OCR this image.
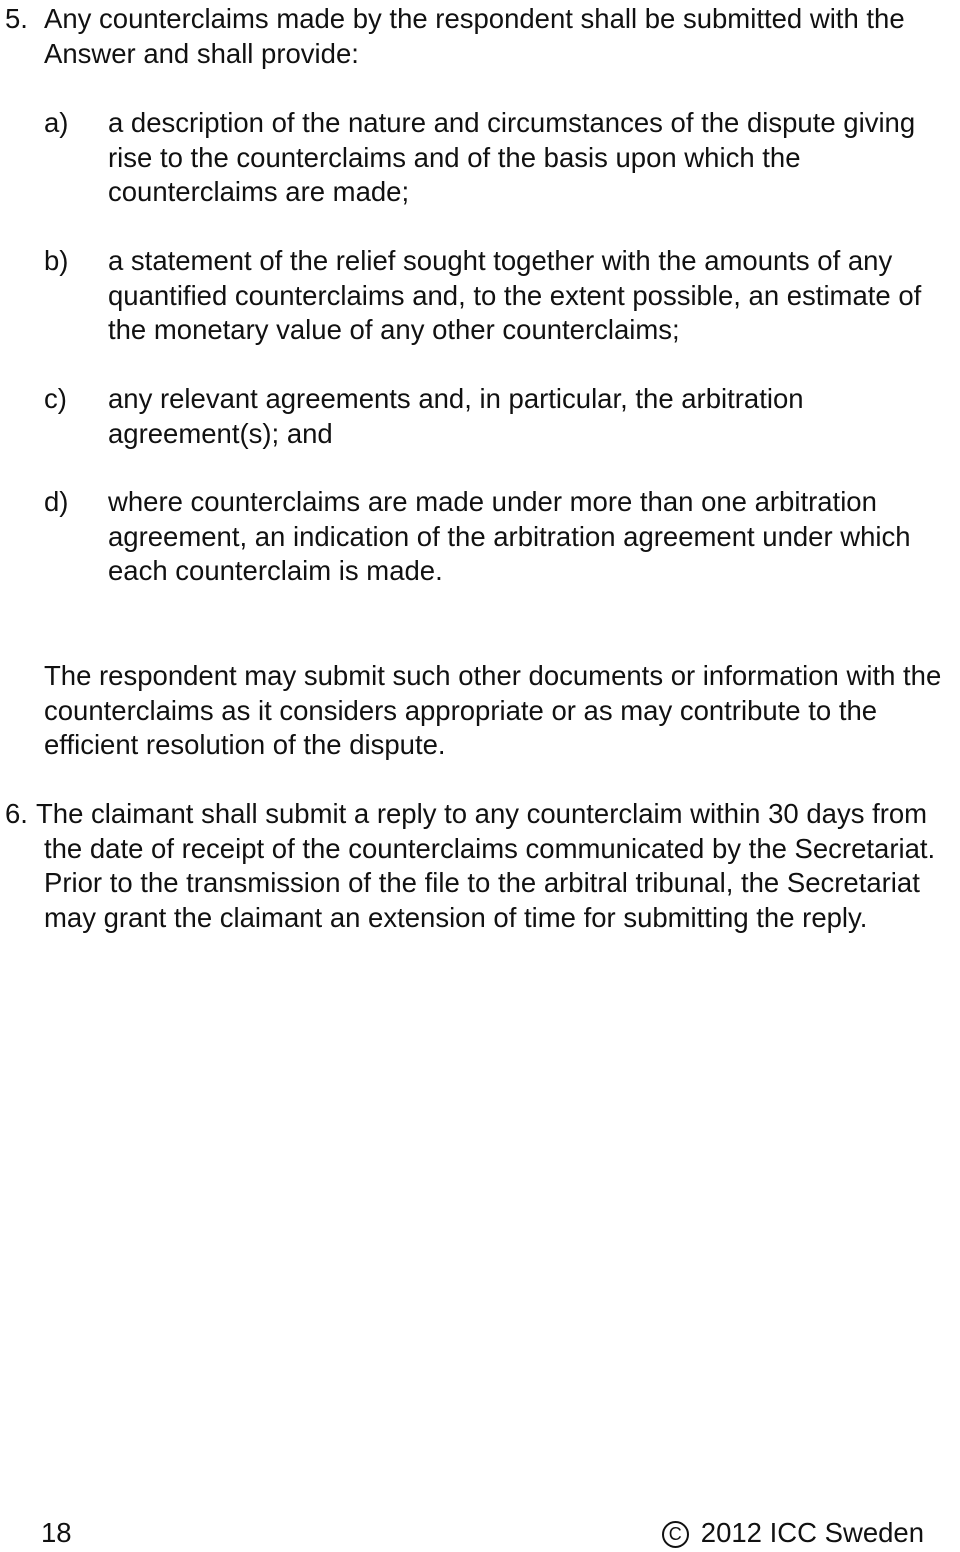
5. Any counterclaims made by the respondent shall be submitted with the Answer and shall provide:

a) a description of the nature and circumstances of the dispute giving rise to the counterclaims and of the basis upon which the counterclaims are made;
b) a statement of the relief sought together with the amounts of any quantified counterclaims and, to the extent possible, an estimate of the monetary value of any other counterclaims;
c) any relevant agreements and, in particular, the arbitration agreement(s); and
d) where counterclaims are made under more than one arbitration agreement, an indication of the arbitration agreement under which each counterclaim is made.

The respondent may submit such other documents or information with the counterclaims as it considers appropriate or as may contribute to the efficient resolution of the dispute.

6. The claimant shall submit a reply to any counterclaim within 30 days from the date of receipt of the counterclaims communicated by the Secretariat. Prior to the transmission of the file to the arbitral tribunal, the Secretariat may grant the claimant an extension of time for submitting the reply.

18	C 2012 ICC Sweden
